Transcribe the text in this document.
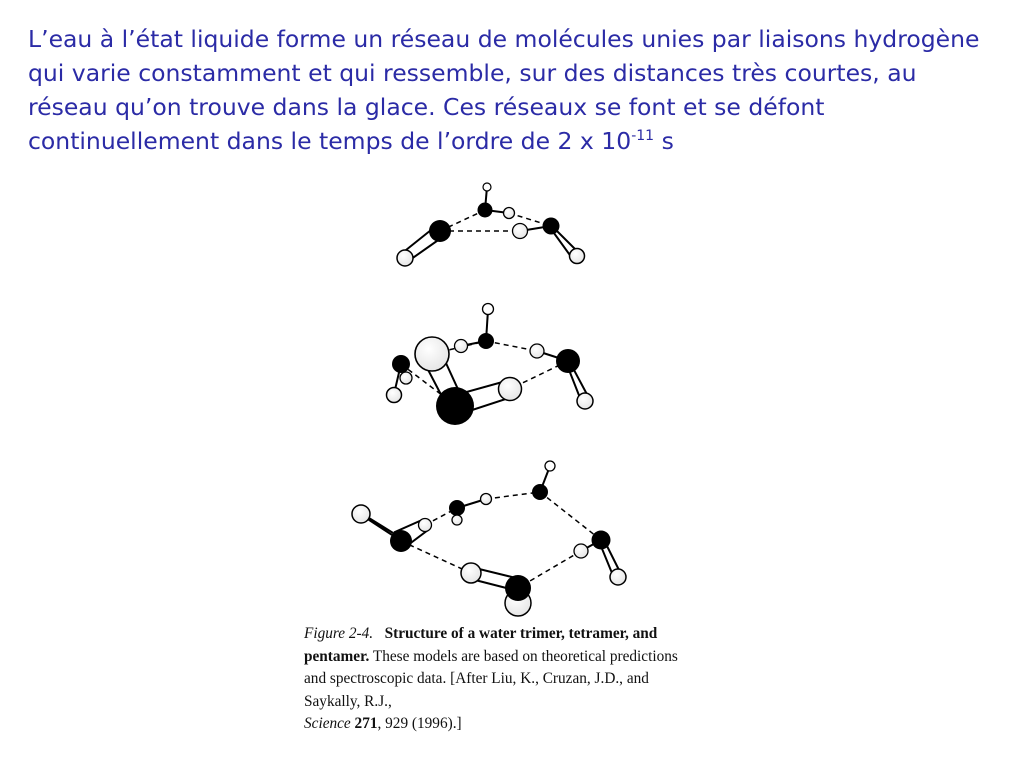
L’eau à l’état liquide forme un réseau de molécules unies par liaisons hydrogène qui varie constamment et qui ressemble, sur des distances très courtes, au réseau qu’on trouve dans la glace. Ces réseaux se font et se défont continuellement dans le temps de l’ordre de 2 x $10^{-11}$ s

Figure 2-4. Structure of a water trimer, tetramer, and pentamer. These models are based on theoretical predictions and spectroscopic data. [After Liu, K., Cruzan, J.D., and Saykally, R.J.,
Science 271, 929 (1996).]
